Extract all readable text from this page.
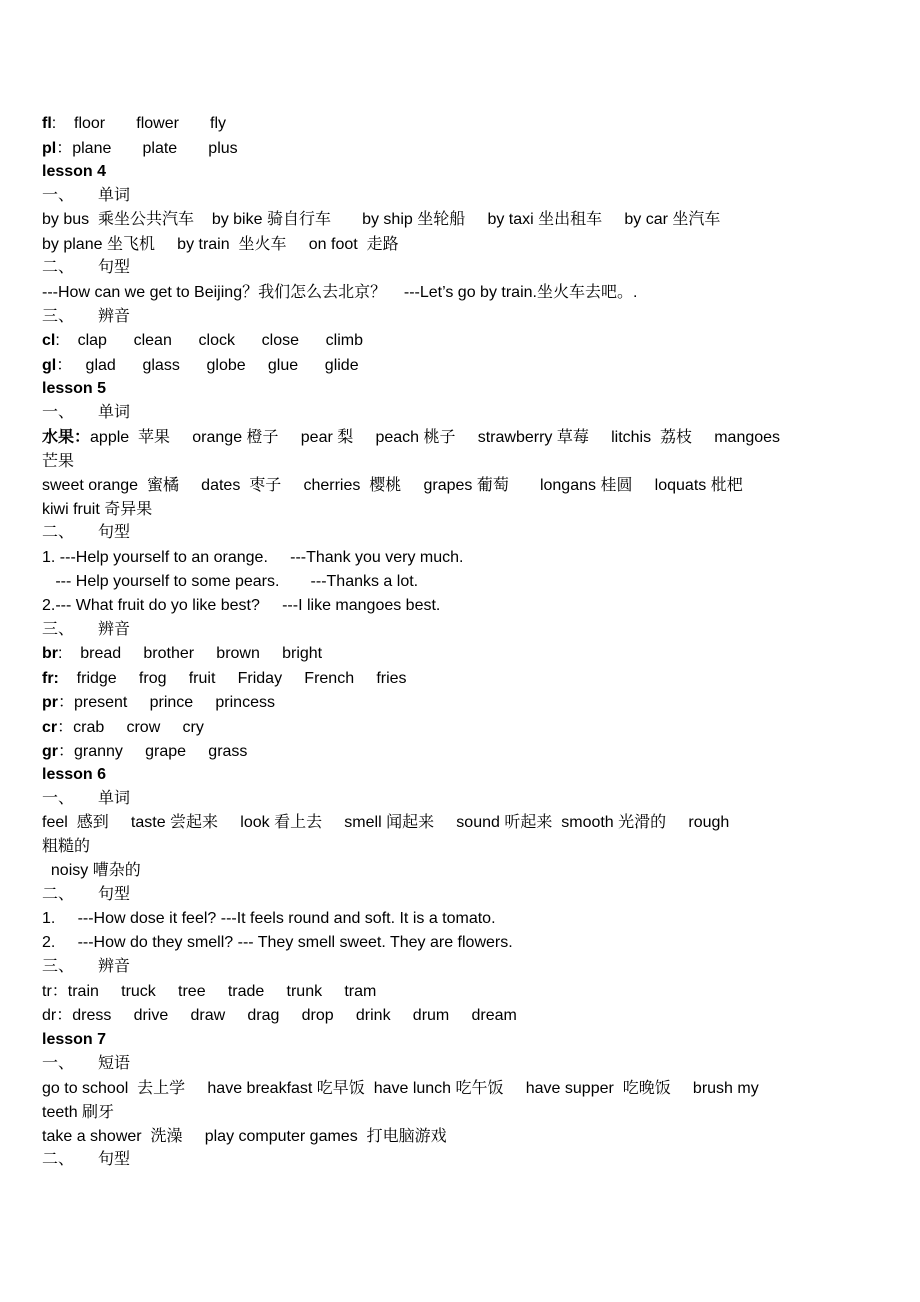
fl:    floor       flower       fly
pl：plane       plate       plus
lesson 4
一、 单词
by bus  乘坐公共汽车    by bike 骑自行车       by ship 坐轮船     by taxi 坐出租车     by car 坐汽车
by plane 坐飞机     by train  坐火车     on foot  走路
二、 句型
---How can we get to Beijing？我们怎么去北京？    ---Let’s go by train.坐火车去吧。.
三、 辨音
cl:    clap      clean      clock      close      climb
gl：   glad      glass      globe     glue      glide
lesson 5
一、 单词
水果：apple  苹果     orange 橙子     pear 梨     peach 桃子     strawberry 草莓     litchis  荔枝     mangoes
芒果
sweet orange  蜜橘     dates  枣子     cherries  樱桃     grapes 葡萄       longans 桂圆     loquats 枇杷
kiwi fruit 奇异果
二、 句型
1. ---Help yourself to an orange.     ---Thank you very much.
--- Help yourself to some pears.       ---Thanks a lot.
2.--- What fruit do yo like best?     ---I like mangoes best.
三、 辨音
br:    bread     brother     brown     bright
fr:    fridge     frog     fruit     Friday     French     fries
pr：present     prince     princess
cr：crab     crow     cry
gr：granny     grape     grass
lesson 6
一、 单词
feel  感到     taste 尝起来     look 看上去     smell 闻起来     sound 听起来  smooth 光滑的     rough
粗糙的
noisy 嘈杂的
二、 句型
1.     ---How dose it feel? ---It feels round and soft. It is a tomato.
2.     ---How do they smell? --- They smell sweet. They are flowers.
三、 辨音
tr：train     truck     tree     trade     trunk     tram
dr：dress     drive     draw     drag     drop     drink     drum     dream
lesson 7
一、 短语
go to school  去上学     have breakfast 吃早饭  have lunch 吃午饭     have supper  吃晚饭     brush my
teeth 刷牙
take a shower  洗澡     play computer games  打电脑游戏
二、 句型
